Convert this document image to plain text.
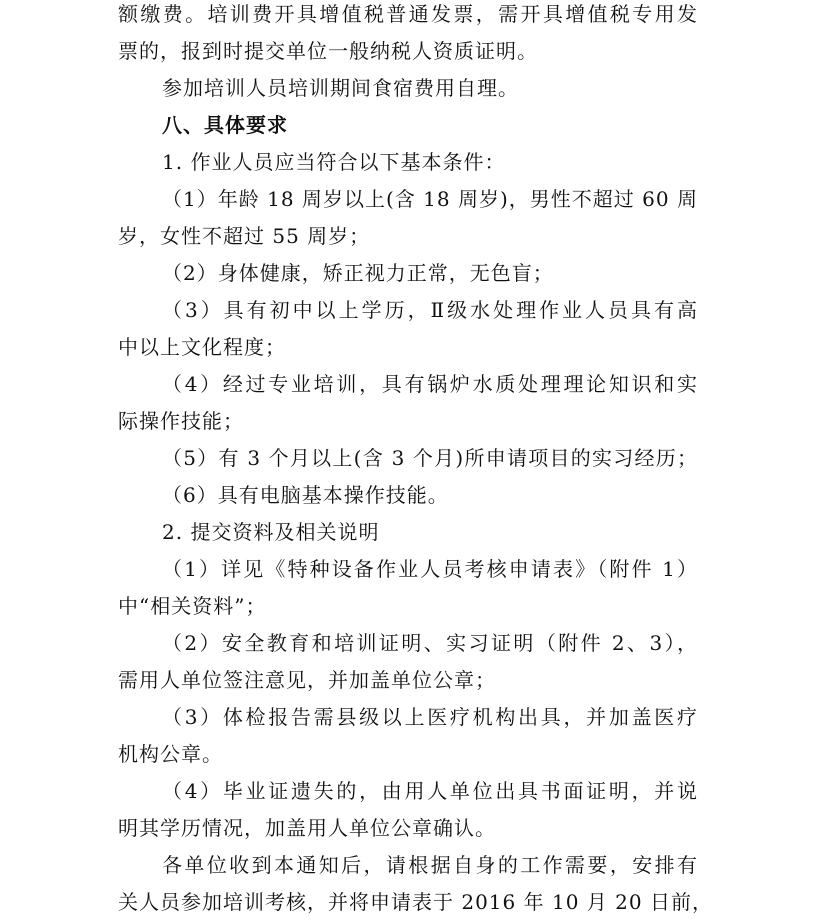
额缴费。培训费开具增值税普通发票，需开具增值税专用发
票的，报到时提交单位一般纳税人资质证明。
参加培训人员培训期间食宿费用自理。
八、具体要求
1. 作业人员应当符合以下基本条件：
（1）年龄 18 周岁以上(含 18 周岁)，男性不超过 60 周
岁，女性不超过 55 周岁；
（2）身体健康，矫正视力正常，无色盲；
（3）具有初中以上学历，Ⅱ级水处理作业人员具有高
中以上文化程度；
（4）经过专业培训，具有锅炉水质处理理论知识和实
际操作技能；
（5）有 3 个月以上(含 3 个月)所申请项目的实习经历；
（6）具有电脑基本操作技能。
2. 提交资料及相关说明
（1）详见《特种设备作业人员考核申请表》（附件 1）
中“相关资料”；
（2）安全教育和培训证明、实习证明（附件 2、3），
需用人单位签注意见，并加盖单位公章；
（3）体检报告需县级以上医疗机构出具，并加盖医疗
机构公章。
（4）毕业证遗失的，由用人单位出具书面证明，并说
明其学历情况，加盖用人单位公章确认。
各单位收到本通知后，请根据自身的工作需要，安排有
关人员参加培训考核，并将申请表于 2016 年 10 月 20 日前，
